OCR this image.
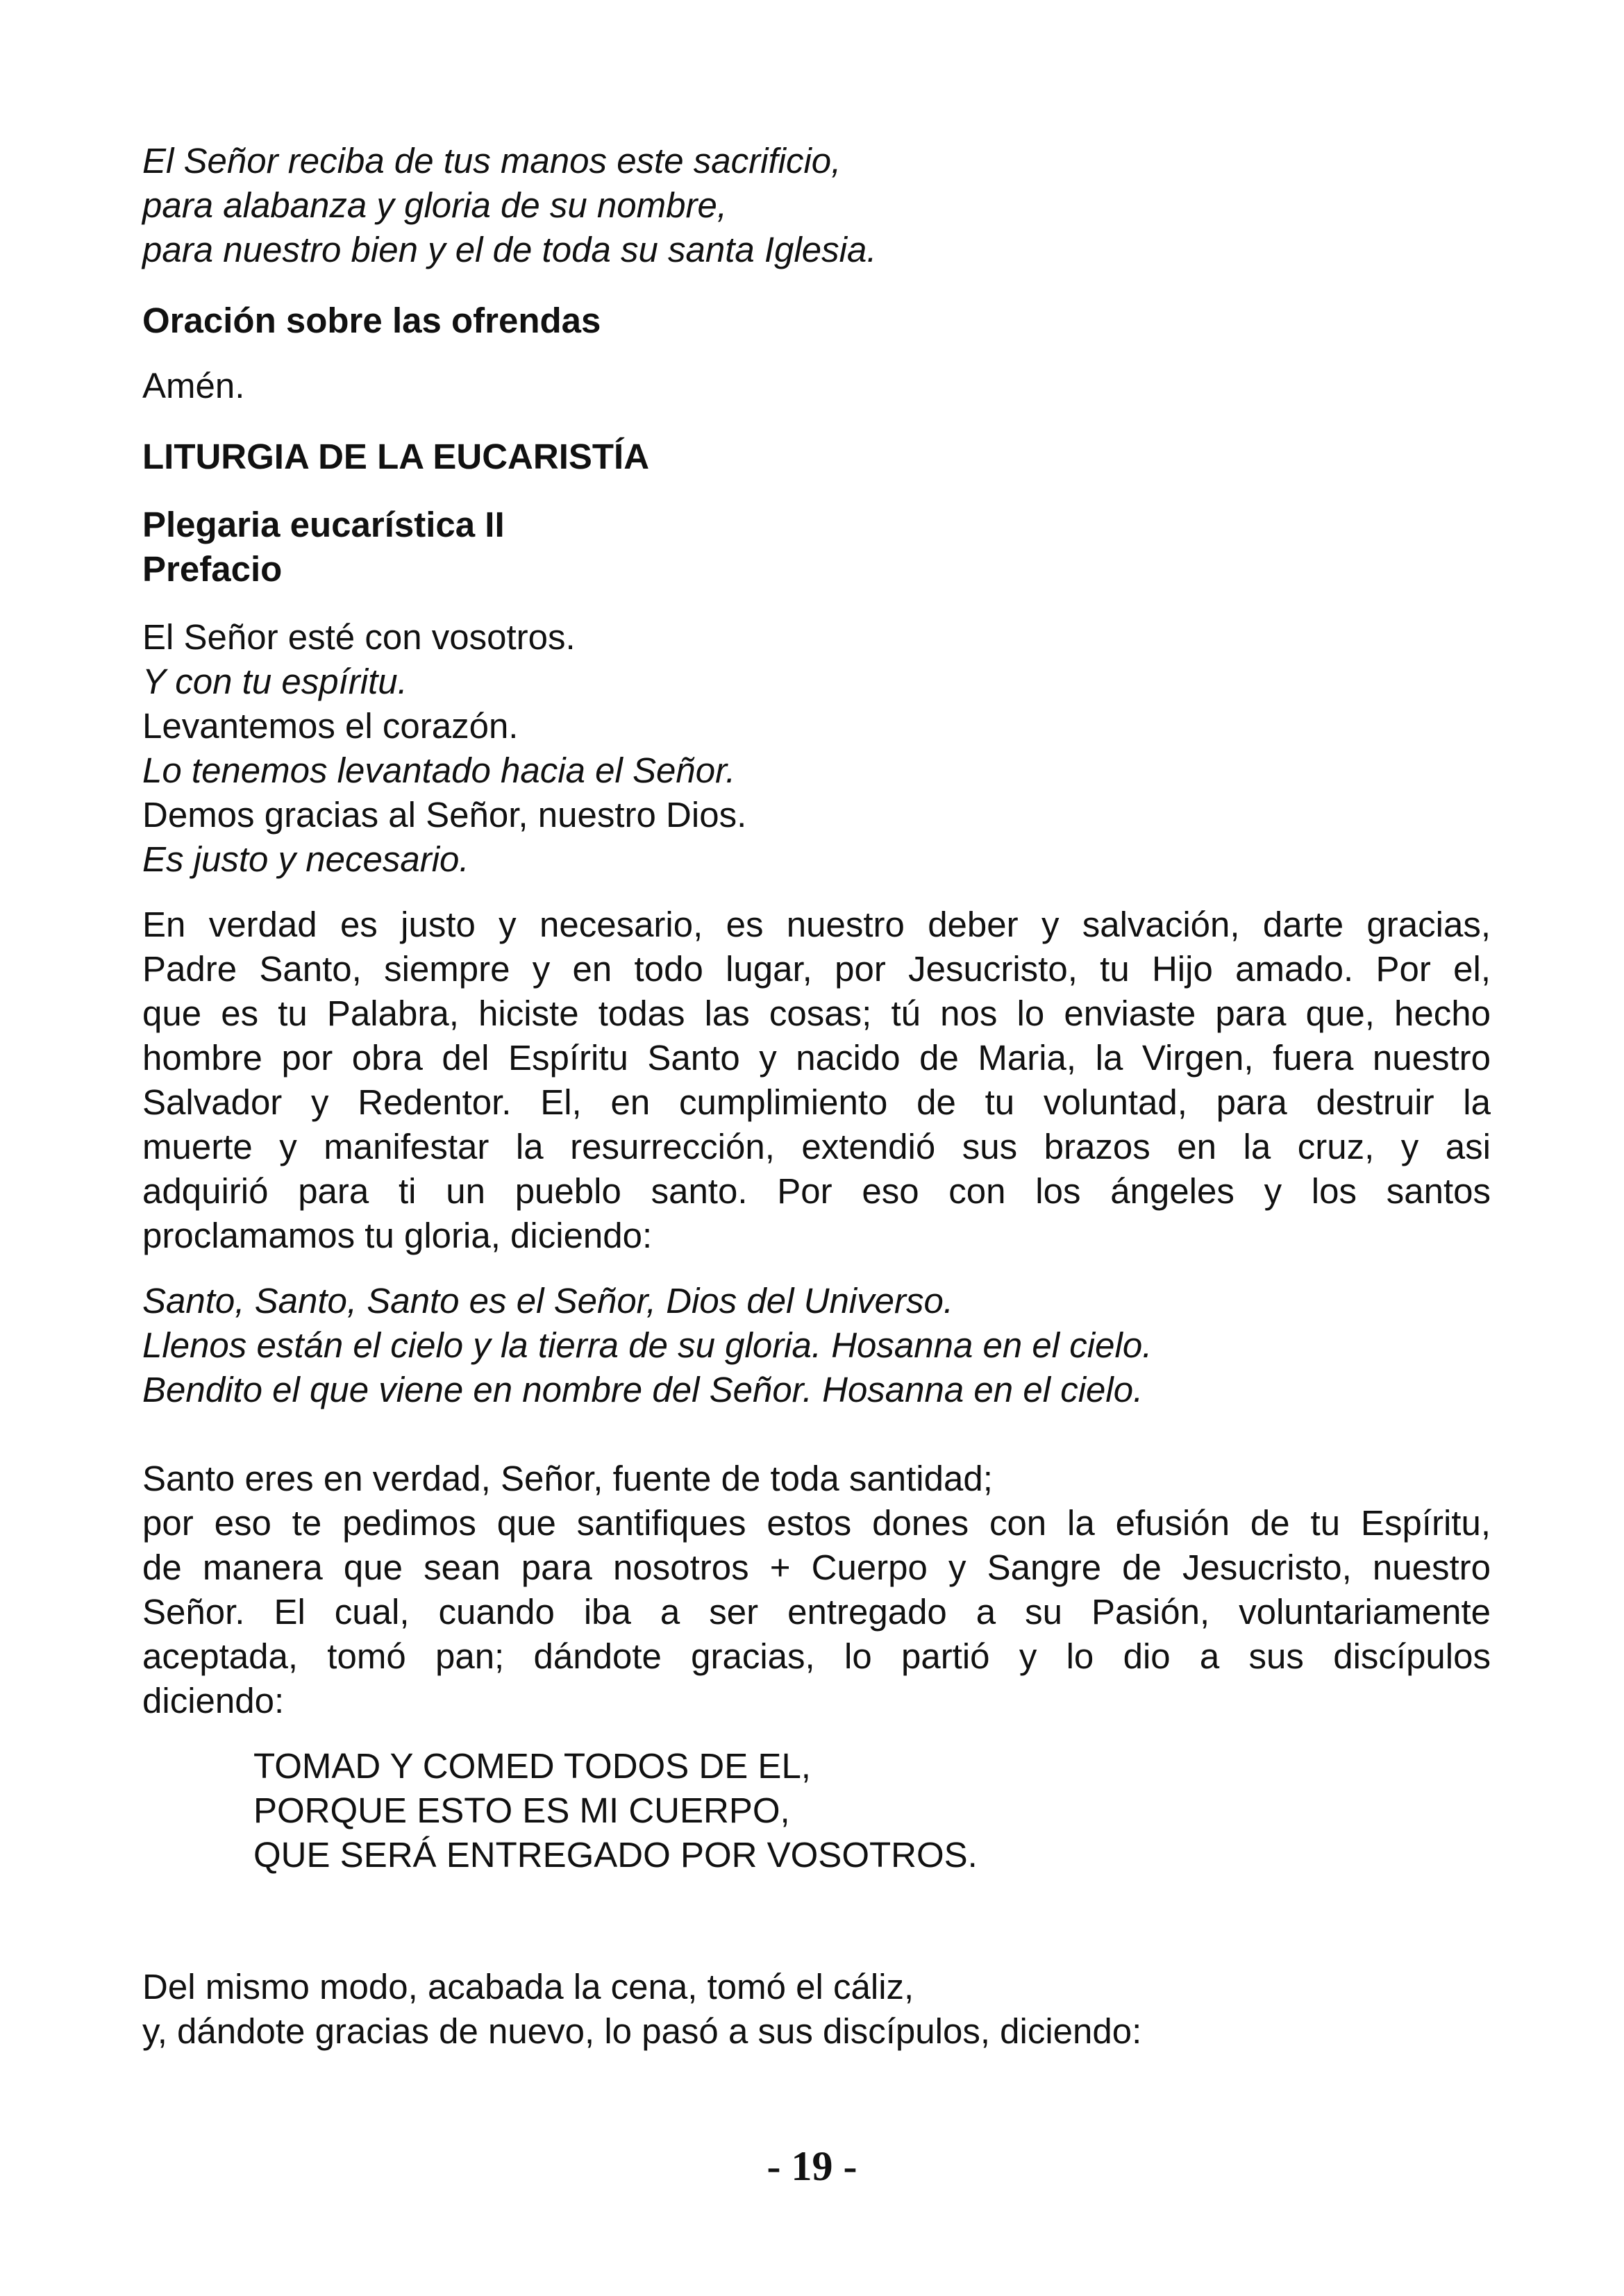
El Señor reciba de tus manos este sacrificio,
para alabanza y gloria de su nombre,
para nuestro bien y el de toda su santa Iglesia.
Oración sobre las ofrendas
Amén.
LITURGIA DE LA EUCARISTÍA
Plegaria eucarística II
Prefacio
El Señor esté con vosotros.
Y con tu espíritu.
Levantemos el corazón.
Lo tenemos levantado hacia el Señor.
Demos gracias al Señor, nuestro Dios.
Es justo y necesario.
En verdad es justo y necesario, es nuestro deber y salvación, darte gracias,
Padre Santo, siempre y en todo lugar, por Jesucristo, tu Hijo amado. Por el,
que es tu Palabra, hiciste todas las cosas; tú nos lo enviaste para que, hecho
hombre por obra del Espíritu Santo y nacido de Maria, la Virgen, fuera nuestro
Salvador y Redentor. El, en cumplimiento de tu voluntad, para destruir la
muerte y manifestar la resurrección, extendió sus brazos en la cruz, y asi
adquirió para ti un pueblo santo. Por eso con los ángeles y los santos
proclamamos tu gloria, diciendo:
Santo, Santo, Santo es el Señor, Dios del Universo.
Llenos están el cielo y la tierra de su gloria. Hosanna en el cielo.
Bendito el que viene en nombre del Señor. Hosanna en el cielo.
Santo eres en verdad, Señor, fuente de toda santidad;
por eso te pedimos que santifiques estos dones con la efusión de tu Espíritu,
de manera que sean para nosotros + Cuerpo y Sangre de Jesucristo, nuestro
Señor. El cual, cuando iba a ser entregado a su Pasión, voluntariamente
aceptada, tomó pan; dándote gracias, lo partió y lo dio a sus discípulos
diciendo:
TOMAD Y COMED TODOS DE EL,
PORQUE ESTO ES MI CUERPO,
QUE SERÁ ENTREGADO POR VOSOTROS.
Del mismo modo, acabada la cena, tomó el cáliz,
y, dándote gracias de nuevo, lo pasó a sus discípulos, diciendo:
- 19 -
